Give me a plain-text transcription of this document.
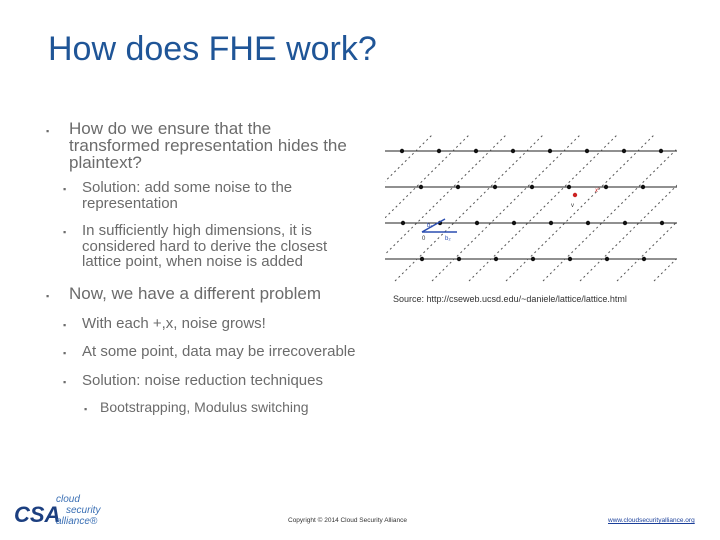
How does FHE work?
▪ How do we ensure that the transformed representation hides the plaintext?
▪ Solution: add some noise to the representation
▪ In sufficiently high dimensions, it is considered hard to derive the closest lattice point, when noise is added
▪ Now, we have a different problem
▪ With each +,x, noise grows!
▪ At some point, data may be irrecoverable
▪ Solution: noise reduction techniques
▪ Bootstrapping, Modulus switching
0
b₁
b₂
x′
v
Source: http://cseweb.ucsd.edu/~daniele/lattice/lattice.html
CSA
cloud
security
alliance®	Copyright © 2014 Cloud Security Alliance	www.cloudsecurityalliance.org
